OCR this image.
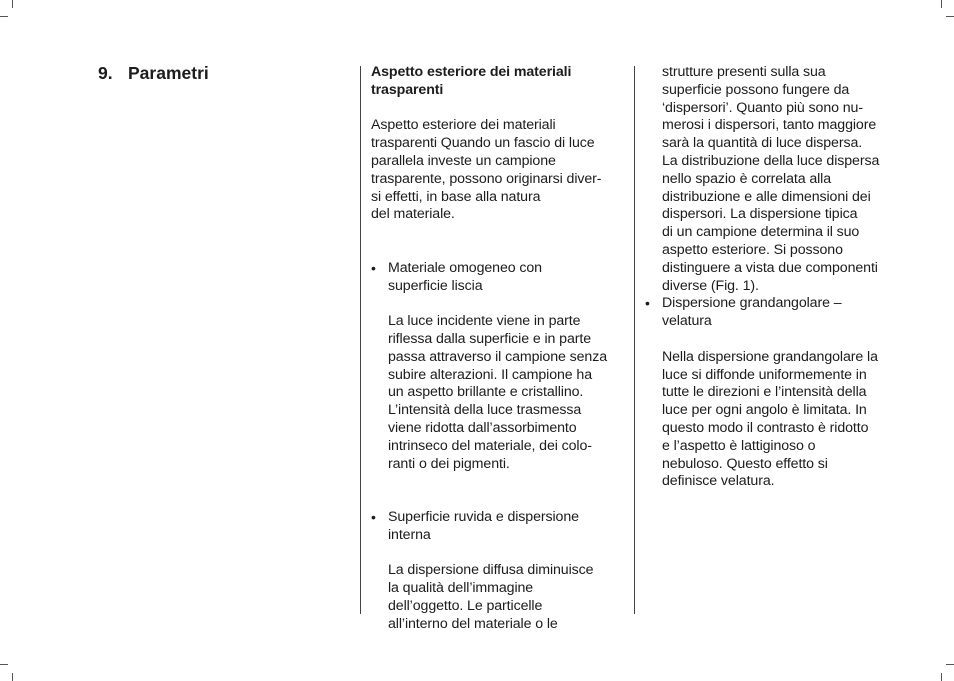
9. Parametri	Aspetto esteriore dei materiali
trasparenti

Aspetto esteriore dei materiali
trasparenti Quando un fascio di luce
parallela investe un campione
trasparente, possono originarsi diver-
si effetti, in base alla natura
del materiale.

• Materiale omogeneo con
superficie liscia

La luce incidente viene in parte
riflessa dalla superficie e in parte
passa attraverso il campione senza
subire alterazioni. Il campione ha
un aspetto brillante e cristallino.
L’intensità della luce trasmessa
viene ridotta dall’assorbimento
intrinseco del materiale, dei colo-
ranti o dei pigmenti.

• Superficie ruvida e dispersione
interna

La dispersione diffusa diminuisce
la qualità dell’immagine
dell’oggetto. Le particelle
all’interno del materiale o le

strutture presenti sulla sua
superficie possono fungere da
‘dispersori’. Quanto più sono nu-
merosi i dispersori, tanto maggiore
sarà la quantità di luce dispersa.
La distribuzione della luce dispersa
nello spazio è correlata alla
distribuzione e alle dimensioni dei
dispersori. La dispersione tipica
di un campione determina il suo
aspetto esteriore. Si possono
distinguere a vista due componenti
diverse (Fig. 1).

• Dispersione grandangolare –
velatura

Nella dispersione grandangolare la
luce si diffonde uniformemente in
tutte le direzioni e l’intensità della
luce per ogni angolo è limitata. In
questo modo il contrasto è ridotto
e l’aspetto è lattiginoso o
nebuloso. Questo effetto si
definisce velatura.
